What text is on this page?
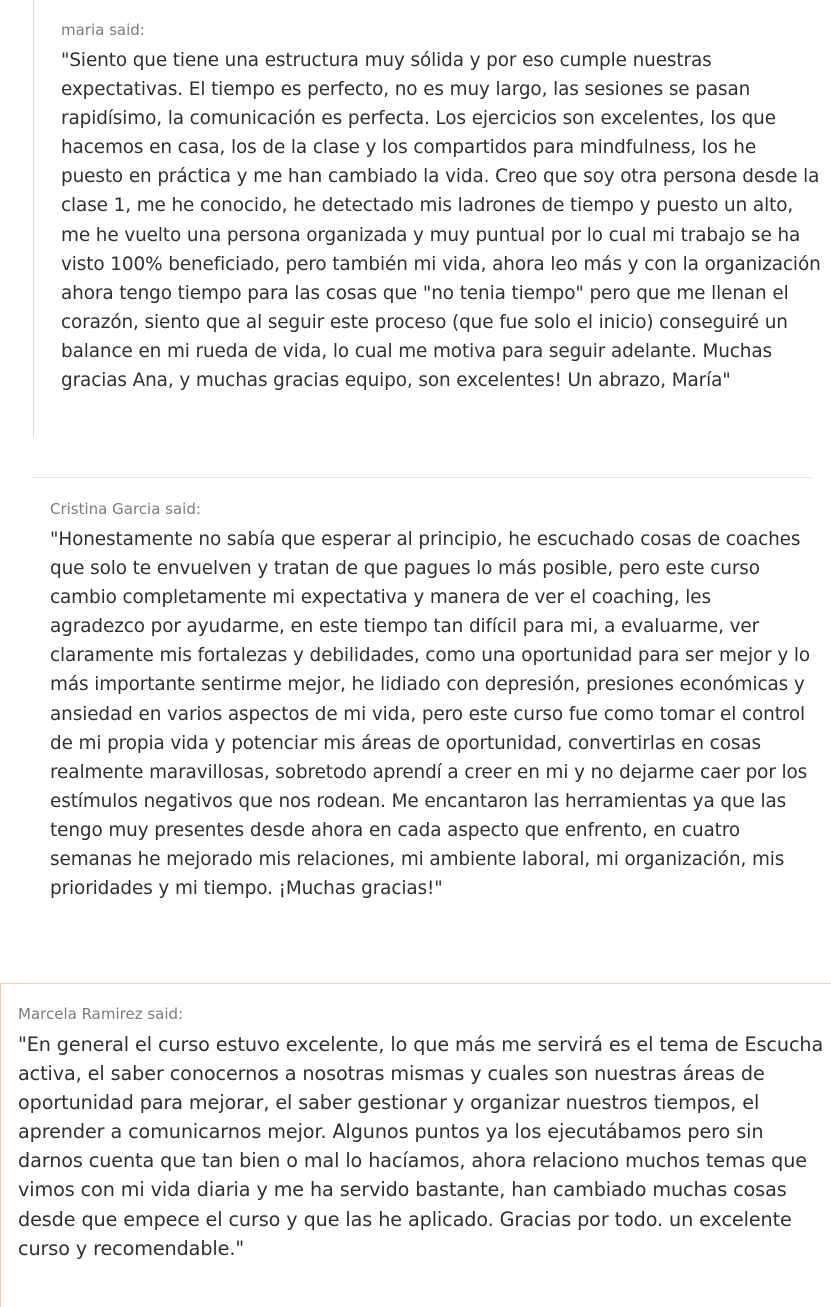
maria said:

"Siento que tiene una estructura muy sólida y por eso cumple nuestras expectativas. El tiempo es perfecto, no es muy largo, las sesiones se pasan rapidísimo, la comunicación es perfecta. Los ejercicios son excelentes, los que hacemos en casa, los de la clase y los compartidos para mindfulness, los he puesto en práctica y me han cambiado la vida. Creo que soy otra persona desde la clase 1, me he conocido, he detectado mis ladrones de tiempo y puesto un alto, me he vuelto una persona organizada y muy puntual por lo cual mi trabajo se ha visto 100% beneficiado, pero también mi vida, ahora leo más y con la organización ahora tengo tiempo para las cosas que "no tenia tiempo" pero que me llenan el corazón, siento que al seguir este proceso (que fue solo el inicio) conseguiré un balance en mi rueda de vida, lo cual me motiva para seguir adelante. Muchas gracias Ana, y muchas gracias equipo, son excelentes! Un abrazo, María"

Cristina Garcia said:

"Honestamente no sabía que esperar al principio, he escuchado cosas de coaches que solo te envuelven y tratan de que pagues lo más posible, pero este curso cambio completamente mi expectativa y manera de ver el coaching, les agradezco por ayudarme, en este tiempo tan difícil para mi, a evaluarme, ver claramente mis fortalezas y debilidades, como una oportunidad para ser mejor y lo más importante sentirme mejor, he lidiado con depresión, presiones económicas y ansiedad en varios aspectos de mi vida, pero este curso fue como tomar el control de mi propia vida y potenciar mis áreas de oportunidad, convertirlas en cosas realmente maravillosas, sobretodo aprendí a creer en mi y no dejarme caer por los estímulos negativos que nos rodean. Me encantaron las herramientas ya que las tengo muy presentes desde ahora en cada aspecto que enfrento, en cuatro semanas he mejorado mis relaciones, mi ambiente laboral, mi organización, mis prioridades y mi tiempo. ¡Muchas gracias!"

Marcela Ramirez said:

"En general el curso estuvo excelente, lo que más me servirá es el tema de Escucha activa, el saber conocernos a nosotras mismas y cuales son nuestras áreas de oportunidad para mejorar, el saber gestionar y organizar nuestros tiempos, el aprender a comunicarnos mejor. Algunos puntos ya los ejecutábamos pero sin darnos cuenta que tan bien o mal lo hacíamos, ahora relaciono muchos temas que vimos con mi vida diaria y me ha servido bastante, han cambiado muchas cosas desde que empece el curso y que las he aplicado. Gracias por todo. un excelente curso y recomendable."
